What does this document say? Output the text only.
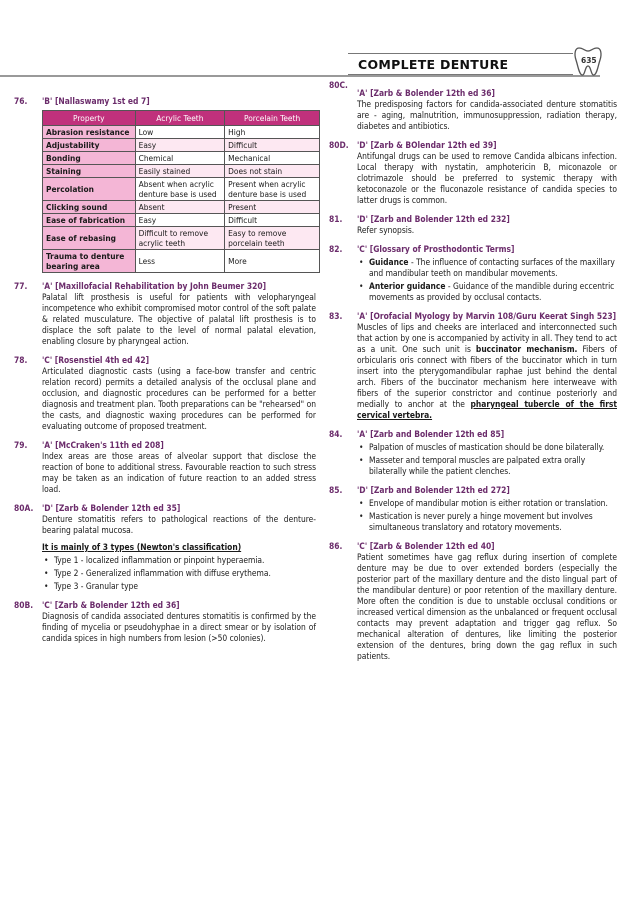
COMPLETE DENTURE	635
76. 'B' [Nallaswamy 1st ed 7]
Property	Acrylic Teeth	Porcelain Teeth
Abrasion resistance	Low	High
Adjustability	Easy	Difficult
Bonding	Chemical	Mechanical
Staining	Easily stained	Does not stain
Percolation	Absent when acrylic denture base is used	Present when acrylic denture base is used
Clicking sound	Absent	Present
Ease of fabrication	Easy	Difficult
Ease of rebasing	Difficult to remove acrylic teeth	Easy to remove porcelain teeth
Trauma to denture bearing area	Less	More
77. 'A' [Maxillofacial Rehabilitation by John Beumer 320]
Palatal lift prosthesis is useful for patients with velopharyngeal incompetence who exhibit compromised motor control of the soft palate & related musculature. The objective of palatal lift prosthesis is to displace the soft palate to the level of normal palatal elevation, enabling closure by pharyngeal action.
78. 'C' [Rosenstiel 4th ed 42]
Articulated diagnostic casts (using a face-bow transfer and centric relation record) permits a detailed analysis of the occlusal plane and occlusion, and diagnostic procedures can be performed for a better diagnosis and treatment plan. Tooth preparations can be "rehearsed" on the casts, and diagnostic waxing procedures can be performed for evaluating outcome of proposed treatment.
79. 'A' [McCraken's 11th ed 208]
Index areas are those areas of alveolar support that disclose the reaction of bone to additional stress. Favourable reaction to such stress may be taken as an indication of future reaction to an added stress load.
80A. 'D' [Zarb & Bolender 12th ed 35]
Denture stomatitis refers to pathological reactions of the denture-bearing palatal mucosa.
It is mainly of 3 types (Newton's classification)
• Type 1 - localized inflammation or pinpoint hyperaemia.
• Type 2 - Generalized inflammation with diffuse erythema.
• Type 3 - Granular type
80B. 'C' [Zarb & Bolender 12th ed 36]
Diagnosis of candida associated dentures stomatitis is confirmed by the finding of mycelia or pseudohyphae in a direct smear or by isolation of candida spices in high numbers from lesion (>50 colonies).
80C.
'A' [Zarb & Bolender 12th ed 36]
The predisposing factors for candida-associated denture stomatitis are - aging, malnutrition, immunosuppression, radiation therapy, diabetes and antibiotics.
80D. 'D' [Zarb & BOlendar 12th ed 39]
Antifungal drugs can be used to remove Candida albicans infection. Local therapy with nystatin, amphotericin B, miconazole or clotrimazole should be preferred to systemic therapy with ketoconazole or the fluconazole resistance of candida species to latter drugs is common.
81. 'D' [Zarb and Bolender 12th ed 232]
Refer synopsis.
82. 'C' [Glossary of Prosthodontic Terms]
• Guidance - The influence of contacting surfaces of the maxillary and mandibular teeth on mandibular movements.
• Anterior guidance - Guidance of the mandible during eccentric movements as provided by occlusal contacts.
83. 'A' [Orofacial Myology by Marvin 108/Guru Keerat Singh 523]
Muscles of lips and cheeks are interlaced and interconnected such that action by one is accompanied by activity in all. They tend to act as a unit. One such unit is buccinator mechanism. Fibers of orbicularis oris connect with fibers of the buccinator which in turn insert into the pterygomandibular raphae just behind the dental arch. Fibers of the buccinator mechanism here interweave with fibers of the superior constrictor and continue posteriorly and medially to anchor at the pharyngeal tubercle of the first cervical vertebra.
84. 'A' [Zarb and Bolender 12th ed 85]
• Palpation of muscles of mastication should be done bilaterally.
• Masseter and temporal muscles are palpated extra orally bilaterally while the patient clenches.
85. 'D' [Zarb and Bolender 12th ed 272]
• Envelope of mandibular motion is either rotation or translation.
• Mastication is never purely a hinge movement but involves simultaneous translatory and rotatory movements.
86. 'C' [Zarb & Bolender 12th ed 40]
Patient sometimes have gag reflux during insertion of complete denture may be due to over extended borders (especially the posterior part of the maxillary denture and the disto lingual part of the mandibular denture) or poor retention of the maxillary denture. More often the condition is due to unstable occlusal conditions or increased vertical dimension as the unbalanced or frequent occlusal contacts may prevent adaptation and trigger gag reflux. So mechanical alteration of dentures, like limiting the posterior extension of the dentures, bring down the gag reflux in such patients.
